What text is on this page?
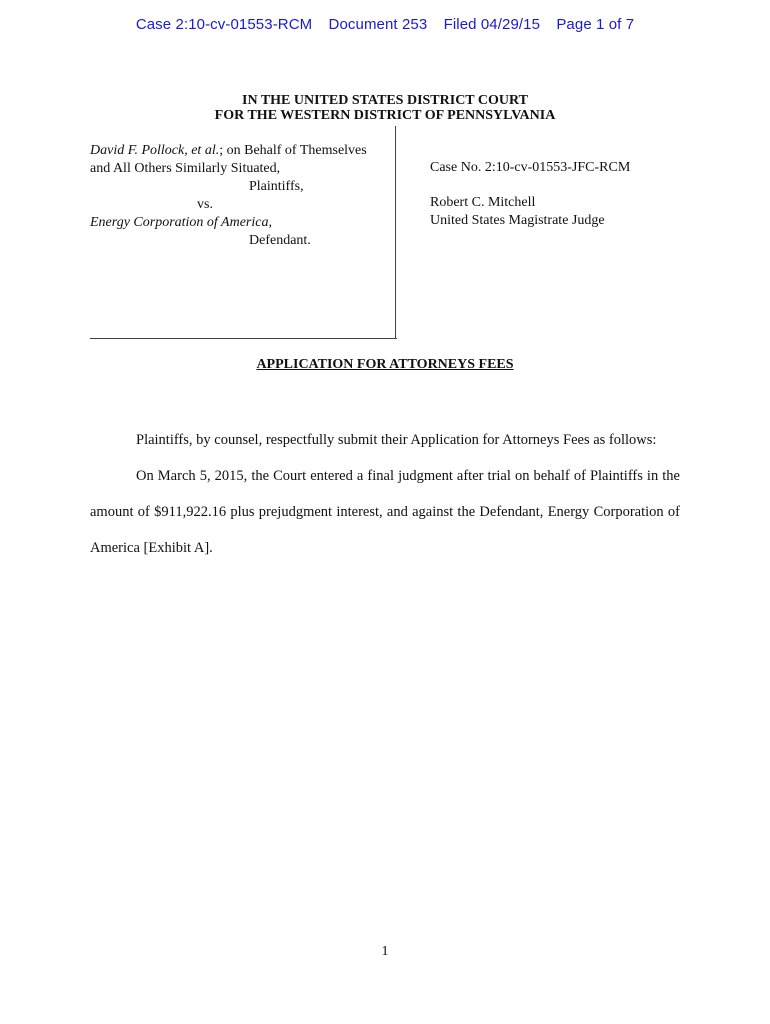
Case 2:10-cv-01553-RCM Document 253 Filed 04/29/15 Page 1 of 7
IN THE UNITED STATES DISTRICT COURT
FOR THE WESTERN DISTRICT OF PENNSYLVANIA
David F. Pollock, et al.; on Behalf of Themselves
and All Others Similarly Situated,
Plaintiffs,
vs.
Energy Corporation of America,
Defendant.
Case No. 2:10-cv-01553-JFC-RCM
Robert C. Mitchell
United States Magistrate Judge
APPLICATION FOR ATTORNEYS FEES

Plaintiffs, by counsel, respectfully submit their Application for Attorneys Fees as follows:

On March 5, 2015, the Court entered a final judgment after trial on behalf of Plaintiffs in the amount of $911,922.16 plus prejudgment interest, and against the Defendant, Energy Corporation of America [Exhibit A].

1
